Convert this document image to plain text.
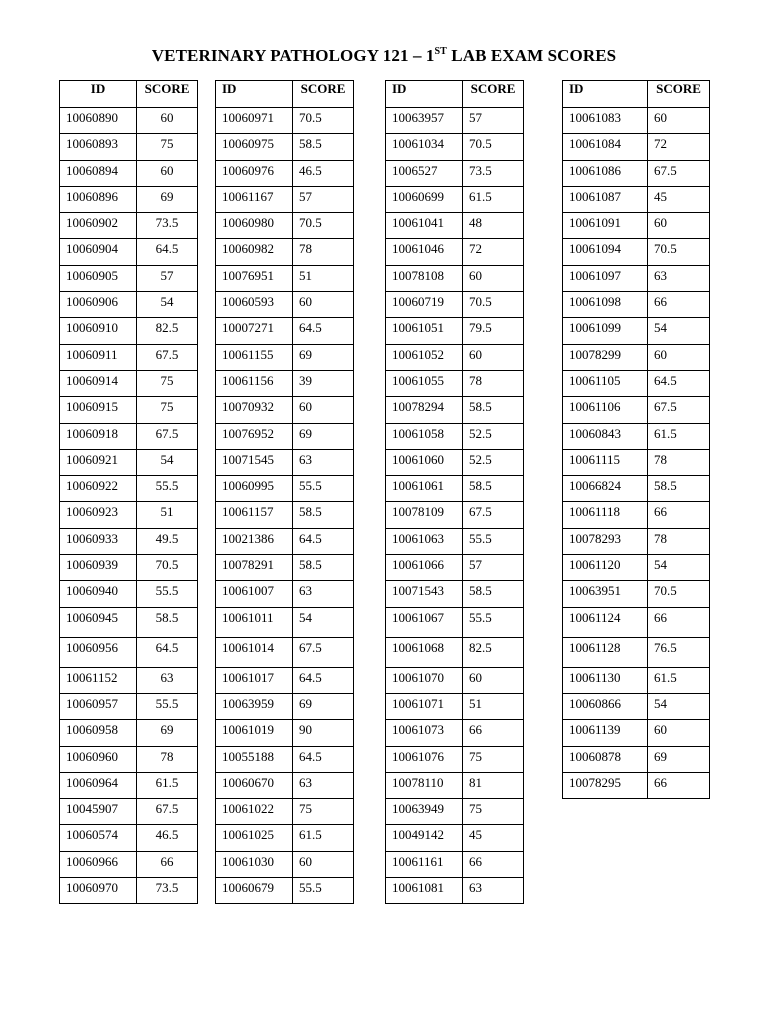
VETERINARY PATHOLOGY 121 – 1ST LAB EXAM SCORES
ID	SCORE
10060890	60
10060893	75
10060894	60
10060896	69
10060902	73.5
10060904	64.5
10060905	57
10060906	54
10060910	82.5
10060911	67.5
10060914	75
10060915	75
10060918	67.5
10060921	54
10060922	55.5
10060923	51
10060933	49.5
10060939	70.5
10060940	55.5
10060945	58.5
10060956	64.5
10061152	63
10060957	55.5
10060958	69
10060960	78
10060964	61.5
10045907	67.5
10060574	46.5
10060966	66
10060970	73.5
ID	SCORE
10060971	70.5
10060975	58.5
10060976	46.5
10061167	57
10060980	70.5
10060982	78
10076951	51
10060593	60
10007271	64.5
10061155	69
10061156	39
10070932	60
10076952	69
10071545	63
10060995	55.5
10061157	58.5
10021386	64.5
10078291	58.5
10061007	63
10061011	54
10061014	67.5
10061017	64.5
10063959	69
10061019	90
10055188	64.5
10060670	63
10061022	75
10061025	61.5
10061030	60
10060679	55.5
ID	SCORE
10063957	57
10061034	70.5
1006527	73.5
10060699	61.5
10061041	48
10061046	72
10078108	60
10060719	70.5
10061051	79.5
10061052	60
10061055	78
10078294	58.5
10061058	52.5
10061060	52.5
10061061	58.5
10078109	67.5
10061063	55.5
10061066	57
10071543	58.5
10061067	55.5
10061068	82.5
10061070	60
10061071	51
10061073	66
10061076	75
10078110	81
10063949	75
10049142	45
10061161	66
10061081	63
ID	SCORE
10061083	60
10061084	72
10061086	67.5
10061087	45
10061091	60
10061094	70.5
10061097	63
10061098	66
10061099	54
10078299	60
10061105	64.5
10061106	67.5
10060843	61.5
10061115	78
10066824	58.5
10061118	66
10078293	78
10061120	54
10063951	70.5
10061124	66
10061128	76.5
10061130	61.5
10060866	54
10061139	60
10060878	69
10078295	66
